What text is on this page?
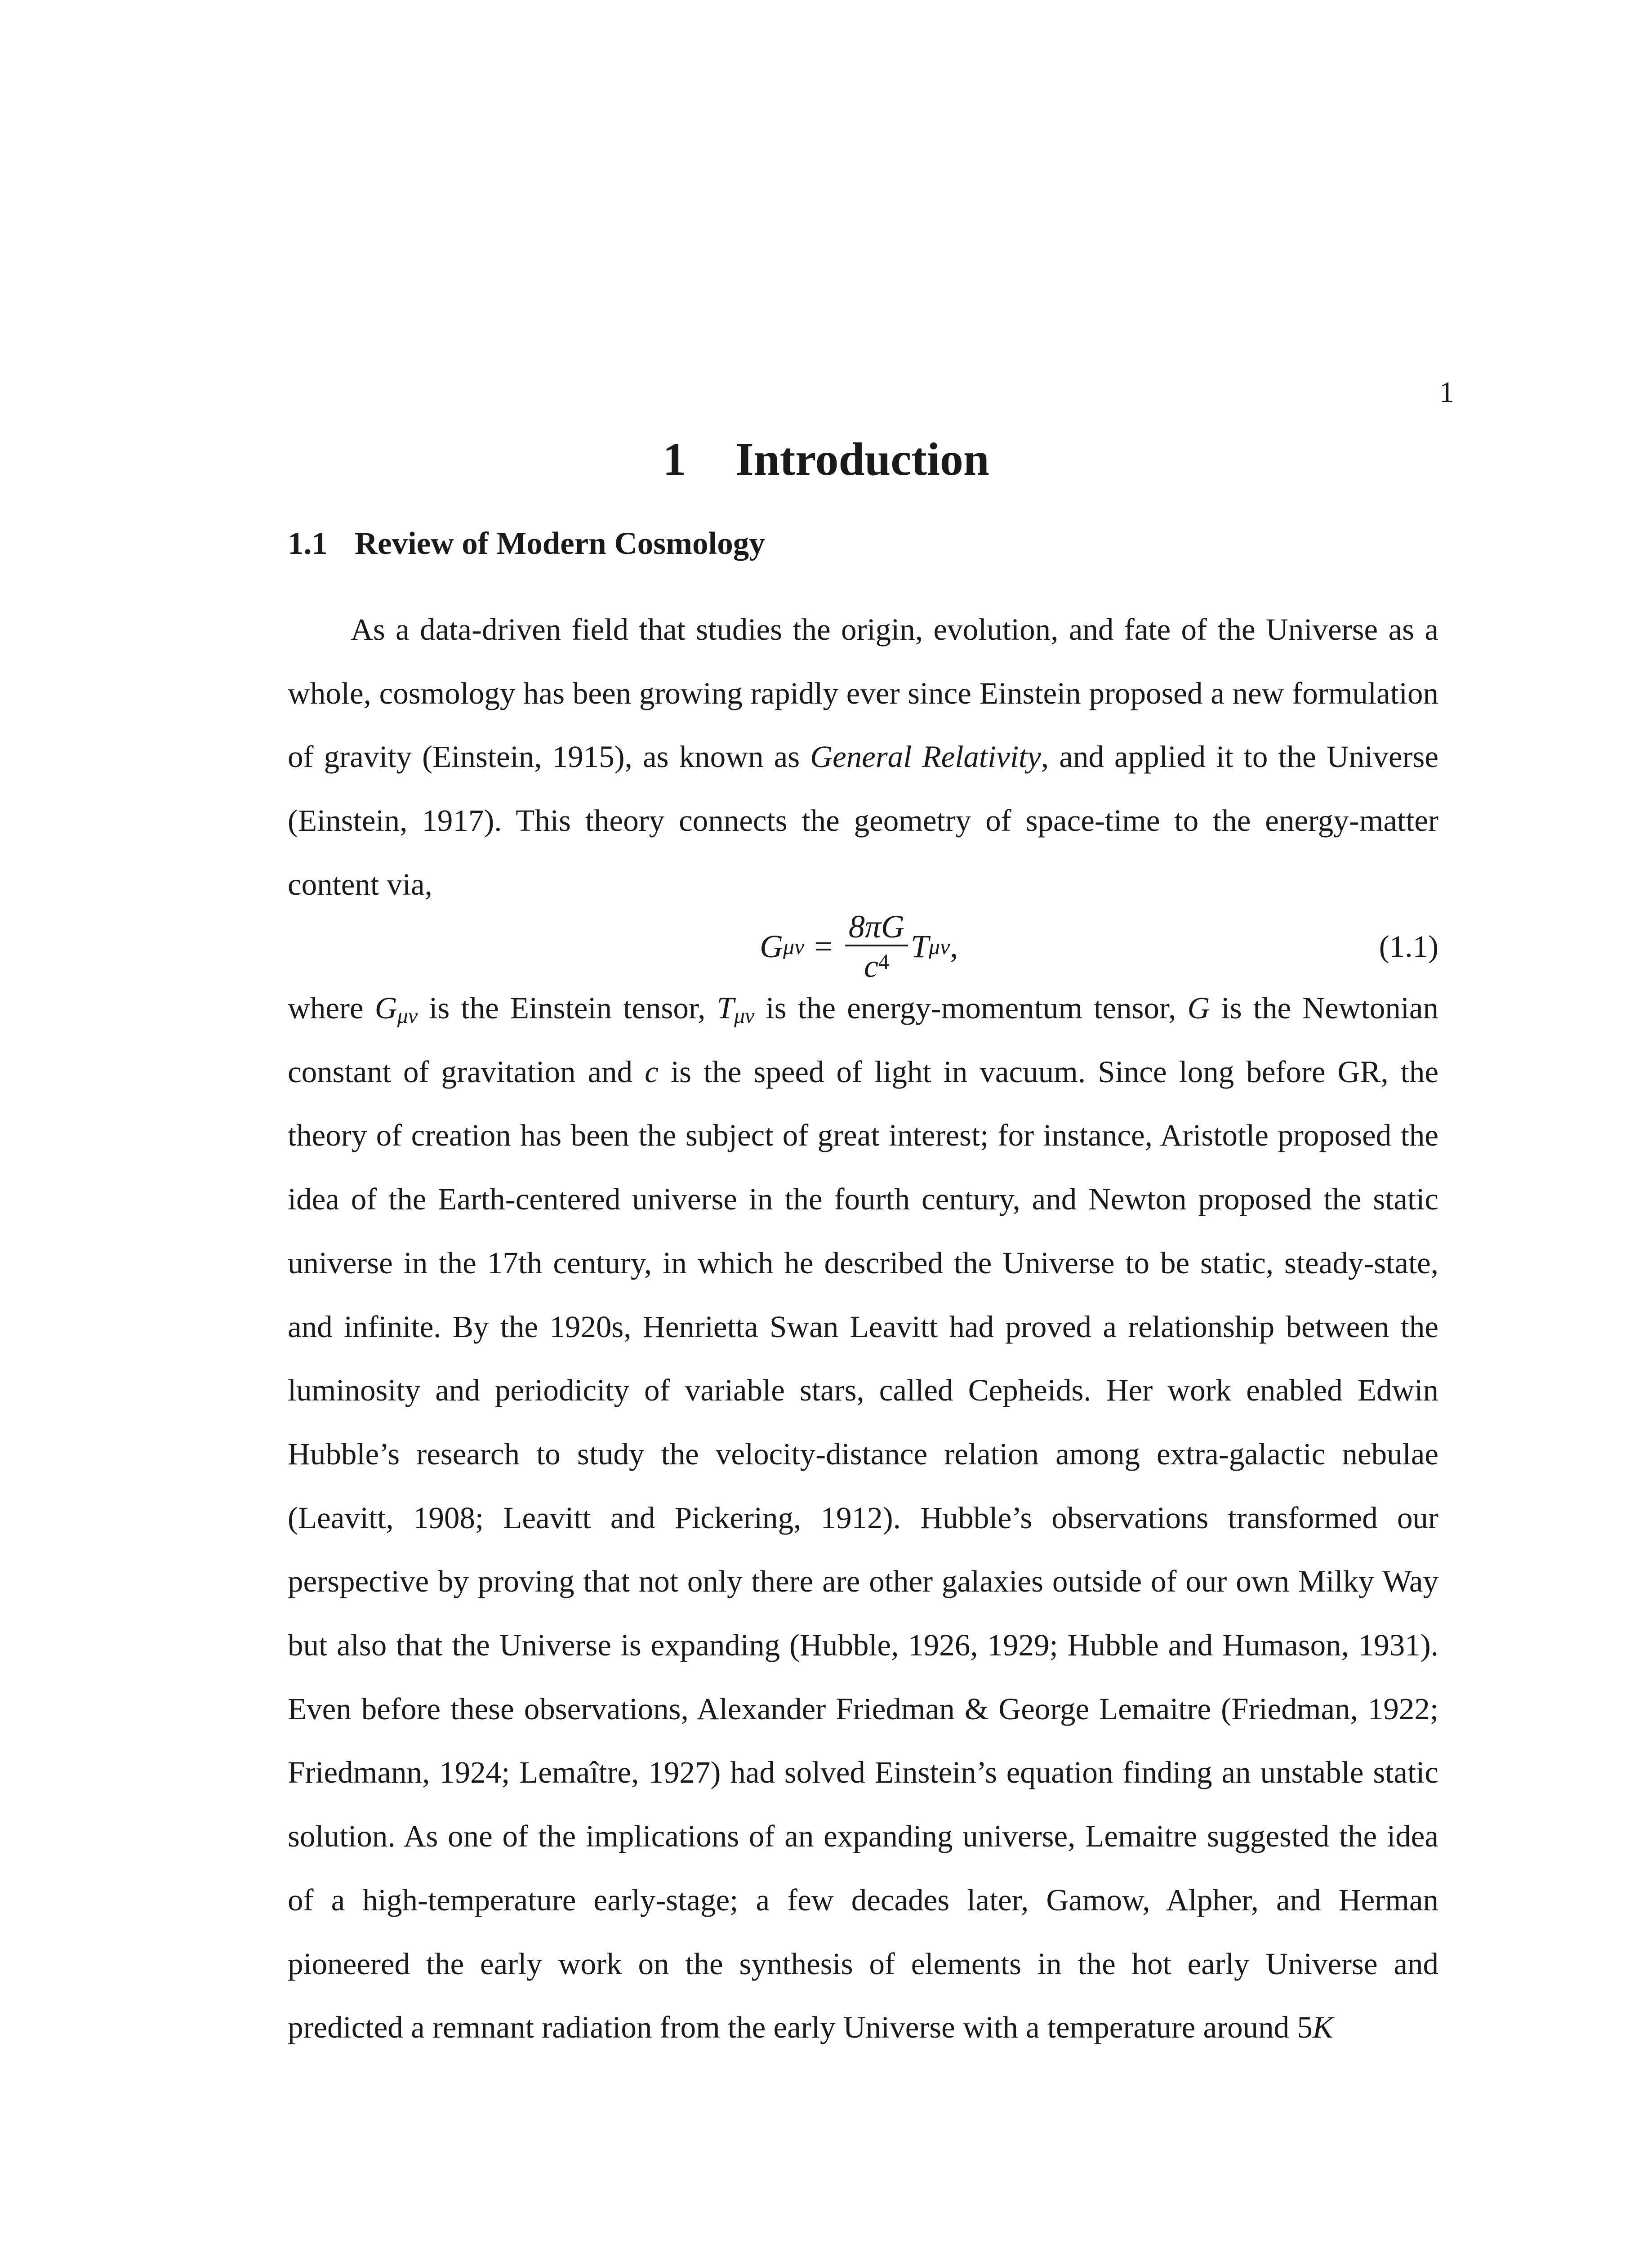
1
1 Introduction
1.1 Review of Modern Cosmology
As a data-driven field that studies the origin, evolution, and fate of the Universe as a whole, cosmology has been growing rapidly ever since Einstein proposed a new formulation of gravity (Einstein, 1915), as known as General Relativity, and applied it to the Universe (Einstein, 1917). This theory connects the geometry of space-time to the energy-matter content via,
G $\mu\nu = \frac{8\pi G}{c^4}$ T μν ,	(1.1)
where $G_{\mu\nu}$ is the Einstein tensor, $T_{\mu\nu}$ is the energy-momentum tensor, G is the Newtonian constant of gravitation and c is the speed of light in vacuum. Since long before GR, the theory of creation has been the subject of great interest; for instance, Aristotle proposed the idea of the Earth-centered universe in the fourth century, and Newton proposed the static universe in the 17th century, in which he described the Universe to be static, steady-state, and infinite. By the 1920s, Henrietta Swan Leavitt had proved a relationship between the luminosity and periodicity of variable stars, called Cepheids. Her work enabled Edwin Hubble’s research to study the velocity-distance relation among extra-galactic nebulae (Leavitt, 1908; Leavitt and Pickering, 1912). Hubble’s observations transformed our perspective by proving that not only there are other galaxies outside of our own Milky Way but also that the Universe is expanding (Hubble, 1926, 1929; Hubble and Humason, 1931). Even before these observations, Alexander Friedman & George Lemaitre (Friedman, 1922; Friedmann, 1924; Lemaître, 1927) had solved Einstein’s equation finding an unstable static solution. As one of the implications of an expanding universe, Lemaitre suggested the idea of a high-temperature early-stage; a few decades later, Gamow, Alpher, and Herman pioneered the early work on the synthesis of elements in the hot early Universe and predicted a remnant radiation from the early Universe with a temperature around 5K
